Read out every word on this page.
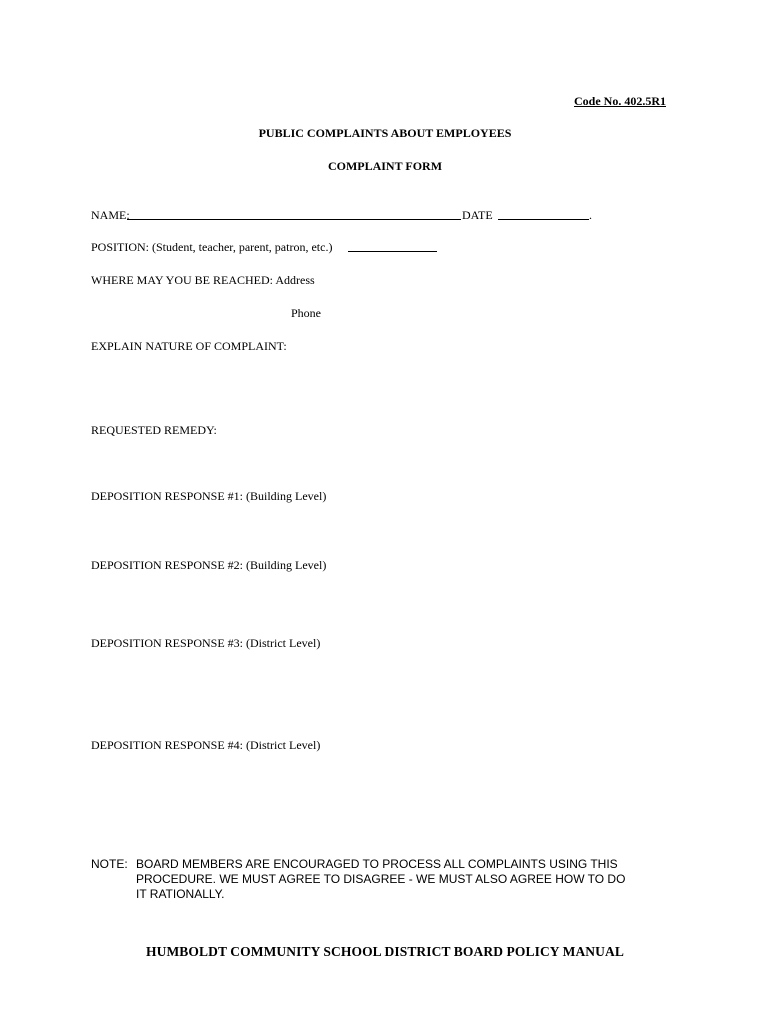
Code No. 402.5R1
PUBLIC COMPLAINTS ABOUT EMPLOYEES
COMPLAINT FORM
NAME:	DATE	.
POSITION: (Student, teacher, parent, patron, etc.)
WHERE MAY YOU BE REACHED: Address
Phone
EXPLAIN NATURE OF COMPLAINT:
REQUESTED REMEDY:
DEPOSITION RESPONSE #1: (Building Level)
DEPOSITION RESPONSE #2: (Building Level)
DEPOSITION RESPONSE #3: (District Level)
DEPOSITION RESPONSE #4: (District Level)
NOTE: BOARD MEMBERS ARE ENCOURAGED TO PROCESS ALL COMPLAINTS USING THIS
PROCEDURE. WE MUST AGREE TO DISAGREE - WE MUST ALSO AGREE HOW TO DO
IT RATIONALLY.
HUMBOLDT COMMUNITY SCHOOL DISTRICT BOARD POLICY MANUAL
